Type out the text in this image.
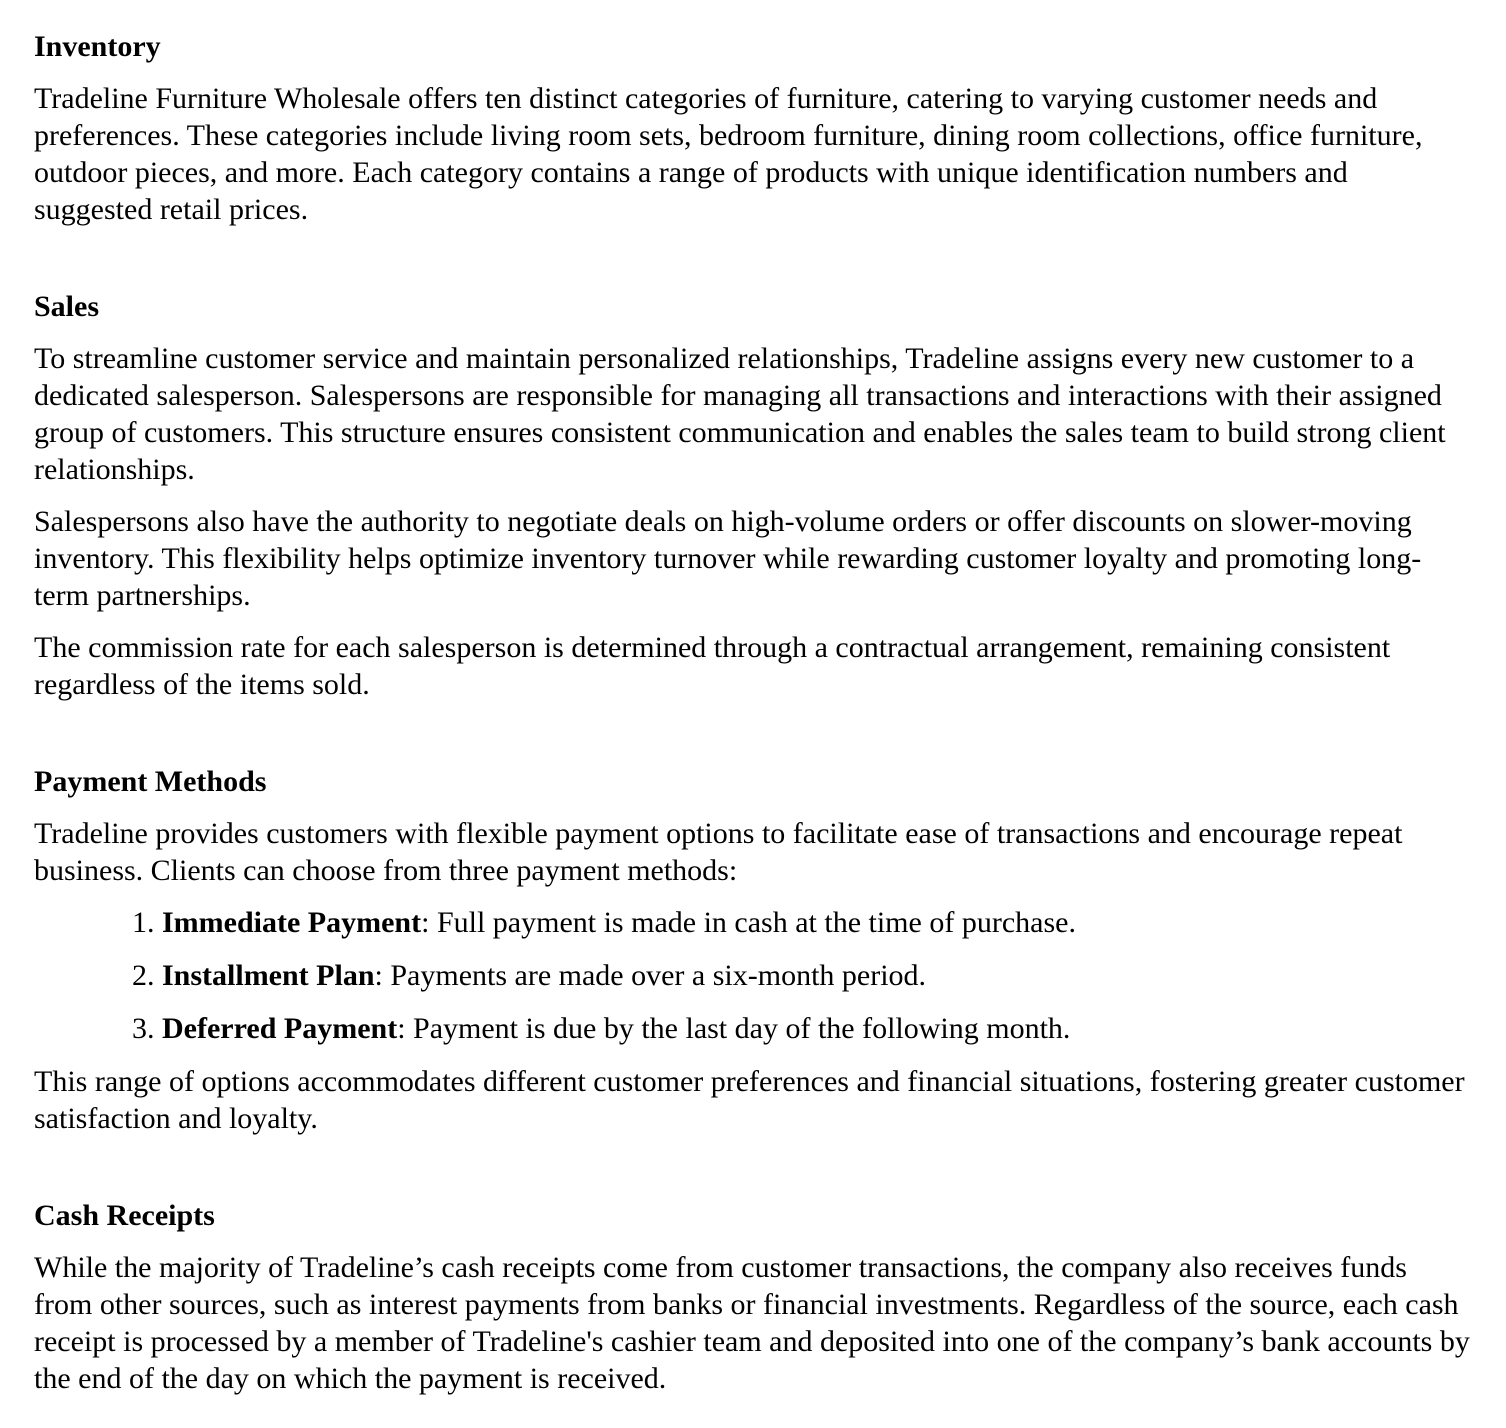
Inventory

Tradeline Furniture Wholesale offers ten distinct categories of furniture, catering to varying customer needs and preferences. These categories include living room sets, bedroom furniture, dining room collections, office furniture, outdoor pieces, and more. Each category contains a range of products with unique identification numbers and suggested retail prices.

Sales

To streamline customer service and maintain personalized relationships, Tradeline assigns every new customer to a dedicated salesperson. Salespersons are responsible for managing all transactions and interactions with their assigned group of customers. This structure ensures consistent communication and enables the sales team to build strong client relationships.

Salespersons also have the authority to negotiate deals on high-volume orders or offer discounts on slower-moving inventory. This flexibility helps optimize inventory turnover while rewarding customer loyalty and promoting long-term partnerships.

The commission rate for each salesperson is determined through a contractual arrangement, remaining consistent regardless of the items sold.

Payment Methods

Tradeline provides customers with flexible payment options to facilitate ease of transactions and encourage repeat business. Clients can choose from three payment methods:

1. Immediate Payment: Full payment is made in cash at the time of purchase.
2. Installment Plan: Payments are made over a six-month period.
3. Deferred Payment: Payment is due by the last day of the following month.

This range of options accommodates different customer preferences and financial situations, fostering greater customer satisfaction and loyalty.

Cash Receipts

While the majority of Tradeline’s cash receipts come from customer transactions, the company also receives funds from other sources, such as interest payments from banks or financial investments. Regardless of the source, each cash receipt is processed by a member of Tradeline's cashier team and deposited into one of the company’s bank accounts by the end of the day on which the payment is received.
